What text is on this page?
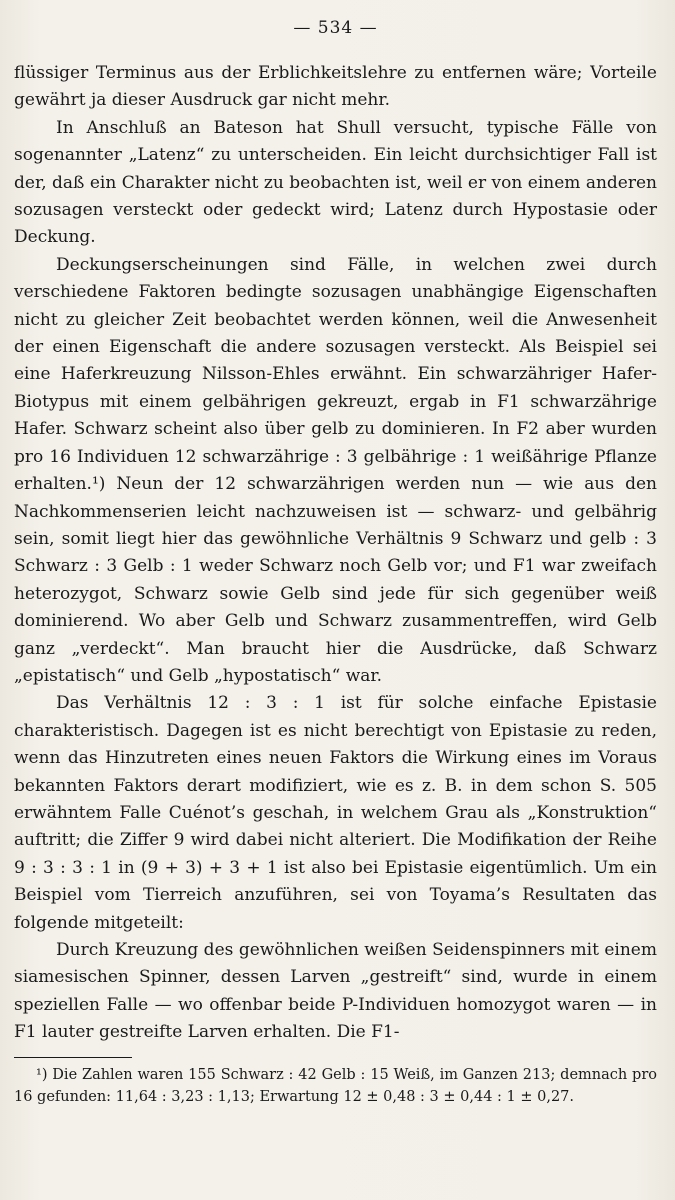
— 534 —

flüssiger Terminus aus der Erblichkeitslehre zu entfernen wäre; Vorteile gewährt ja dieser Ausdruck gar nicht mehr.

In Anschluß an Bateson hat Shull versucht, typische Fälle von sogenannter „Latenz“ zu unterscheiden. Ein leicht durchsichtiger Fall ist der, daß ein Charakter nicht zu beobachten ist, weil er von einem anderen sozusagen versteckt oder gedeckt wird; Latenz durch Hypostasie oder Deckung.

Deckungserscheinungen sind Fälle, in welchen zwei durch verschiedene Faktoren bedingte sozusagen unabhängige Eigenschaften nicht zu gleicher Zeit beobachtet werden können, weil die Anwesenheit der einen Eigenschaft die andere sozusagen versteckt. Als Beispiel sei eine Haferkreuzung Nilsson-Ehles erwähnt. Ein schwarzähriger Hafer-Biotypus mit einem gelbährigen gekreuzt, ergab in F1 schwarzährige Hafer. Schwarz scheint also über gelb zu dominieren. In F2 aber wurden pro 16 Individuen 12 schwarzährige : 3 gelbährige : 1 weißährige Pflanze erhalten.¹) Neun der 12 schwarzährigen werden nun — wie aus den Nachkommenserien leicht nachzuweisen ist — schwarz- und gelbährig sein, somit liegt hier das gewöhnliche Verhältnis 9 Schwarz und gelb : 3 Schwarz : 3 Gelb : 1 weder Schwarz noch Gelb vor; und F1 war zweifach heterozygot, Schwarz sowie Gelb sind jede für sich gegenüber weiß dominierend. Wo aber Gelb und Schwarz zusammentreffen, wird Gelb ganz „verdeckt“. Man braucht hier die Ausdrücke, daß Schwarz „epistatisch“ und Gelb „hypostatisch“ war.

Das Verhältnis 12 : 3 : 1 ist für solche einfache Epistasie charakteristisch. Dagegen ist es nicht berechtigt von Epistasie zu reden, wenn das Hinzutreten eines neuen Faktors die Wirkung eines im Voraus bekannten Faktors derart modifiziert, wie es z. B. in dem schon S. 505 erwähntem Falle Cuénot’s geschah, in welchem Grau als „Konstruktion“ auftritt; die Ziffer 9 wird dabei nicht alteriert. Die Modifikation der Reihe 9 : 3 : 3 : 1 in (9 + 3) + 3 + 1 ist also bei Epistasie eigentümlich. Um ein Beispiel vom Tierreich anzuführen, sei von Toyama’s Resultaten das folgende mitgeteilt:

Durch Kreuzung des gewöhnlichen weißen Seidenspinners mit einem siamesischen Spinner, dessen Larven „gestreift“ sind, wurde in einem speziellen Falle — wo offenbar beide P-Individuen homozygot waren — in F1 lauter gestreifte Larven erhalten. Die F1-

¹) Die Zahlen waren 155 Schwarz : 42 Gelb : 15 Weiß, im Ganzen 213; demnach pro 16 gefunden: 11,64 : 3,23 : 1,13; Erwartung 12 ± 0,48 : 3 ± 0,44 : 1 ± 0,27.
